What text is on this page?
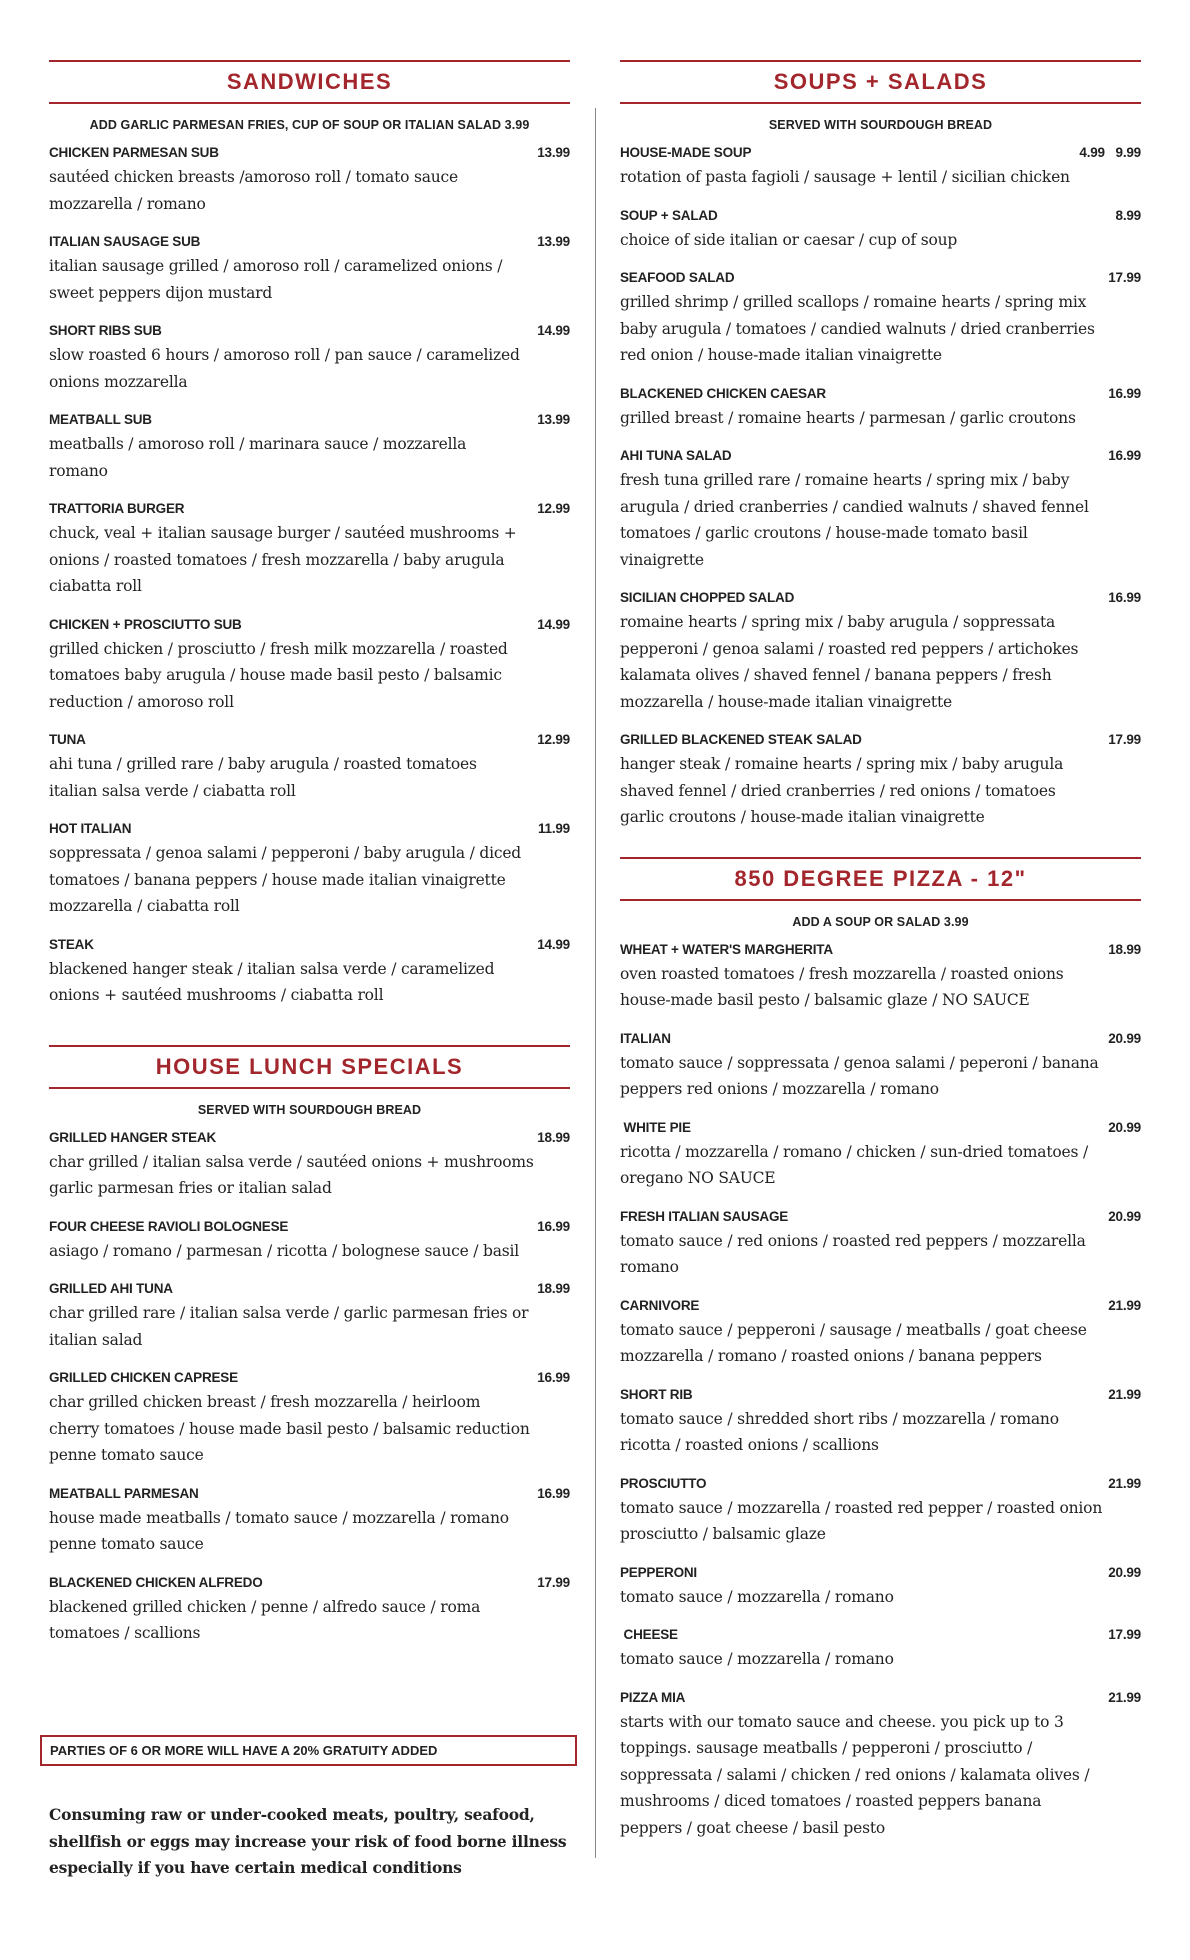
SANDWICHES
ADD GARLIC PARMESAN FRIES, CUP OF SOUP OR ITALIAN SALAD 3.99
CHICKEN PARMESAN SUB	13.99
sautéed chicken breasts /amoroso roll / tomato sauce
mozzarella / romano
ITALIAN SAUSAGE SUB	13.99
italian sausage grilled / amoroso roll / caramelized onions /
sweet peppers dijon mustard
SHORT RIBS SUB	14.99
slow roasted 6 hours / amoroso roll / pan sauce / caramelized
onions mozzarella
MEATBALL SUB	13.99
meatballs / amoroso roll / marinara sauce / mozzarella
romano
TRATTORIA BURGER	12.99
chuck, veal + italian sausage burger / sautéed mushrooms +
onions / roasted tomatoes / fresh mozzarella / baby arugula
ciabatta roll
CHICKEN + PROSCIUTTO SUB	14.99
grilled chicken / prosciutto / fresh milk mozzarella / roasted
tomatoes baby arugula / house made basil pesto / balsamic
reduction / amoroso roll
TUNA	12.99
ahi tuna / grilled rare / baby arugula / roasted tomatoes
italian salsa verde / ciabatta roll
HOT ITALIAN	11.99
soppressata / genoa salami / pepperoni / baby arugula / diced
tomatoes / banana peppers / house made italian vinaigrette
mozzarella / ciabatta roll
STEAK	14.99
blackened hanger steak / italian salsa verde / caramelized
onions + sautéed mushrooms / ciabatta roll
HOUSE LUNCH SPECIALS
SERVED WITH SOURDOUGH BREAD
GRILLED HANGER STEAK	18.99
char grilled / italian salsa verde / sautéed onions + mushrooms
garlic parmesan fries or italian salad
FOUR CHEESE RAVIOLI BOLOGNESE	16.99
asiago / romano / parmesan / ricotta / bolognese sauce / basil
GRILLED AHI TUNA	18.99
char grilled rare / italian salsa verde / garlic parmesan fries or
italian salad
GRILLED CHICKEN CAPRESE	16.99
char grilled chicken breast / fresh mozzarella / heirloom
cherry tomatoes / house made basil pesto / balsamic reduction
penne tomato sauce
MEATBALL PARMESAN	16.99
house made meatballs / tomato sauce / mozzarella / romano
penne tomato sauce
BLACKENED CHICKEN ALFREDO	17.99
blackened grilled chicken / penne / alfredo sauce / roma
tomatoes / scallions
SOUPS + SALADS
SERVED WITH SOURDOUGH BREAD
HOUSE-MADE SOUP	4.99   9.99
rotation of pasta fagioli / sausage + lentil / sicilian chicken
SOUP + SALAD	8.99
choice of side italian or caesar / cup of soup
SEAFOOD SALAD	17.99
grilled shrimp / grilled scallops / romaine hearts / spring mix
baby arugula / tomatoes / candied walnuts / dried cranberries
red onion / house-made italian vinaigrette
BLACKENED CHICKEN CAESAR	16.99
grilled breast / romaine hearts / parmesan / garlic croutons
AHI TUNA SALAD	16.99
fresh tuna grilled rare / romaine hearts / spring mix / baby
arugula / dried cranberries / candied walnuts / shaved fennel
tomatoes / garlic croutons / house-made tomato basil
vinaigrette
SICILIAN CHOPPED SALAD	16.99
romaine hearts / spring mix / baby arugula / soppressata
pepperoni / genoa salami / roasted red peppers / artichokes
kalamata olives / shaved fennel / banana peppers / fresh
mozzarella / house-made italian vinaigrette
GRILLED BLACKENED STEAK SALAD	17.99
hanger steak / romaine hearts / spring mix / baby arugula
shaved fennel / dried cranberries / red onions / tomatoes
garlic croutons / house-made italian vinaigrette
850 DEGREE PIZZA - 12"
ADD A SOUP OR SALAD 3.99
WHEAT + WATER'S MARGHERITA	18.99
oven roasted tomatoes / fresh mozzarella / roasted onions
house-made basil pesto / balsamic glaze / NO SAUCE
ITALIAN	20.99
tomato sauce / soppressata / genoa salami / peperoni / banana
peppers red onions / mozzarella / romano
WHITE PIE	20.99
ricotta / mozzarella / romano / chicken / sun-dried tomatoes /
oregano NO SAUCE
FRESH ITALIAN SAUSAGE	20.99
tomato sauce / red onions / roasted red peppers / mozzarella
romano
CARNIVORE	21.99
tomato sauce / pepperoni / sausage / meatballs / goat cheese
mozzarella / romano / roasted onions / banana peppers
SHORT RIB	21.99
tomato sauce / shredded short ribs / mozzarella / romano
ricotta / roasted onions / scallions
PROSCIUTTO	21.99
tomato sauce / mozzarella / roasted red pepper / roasted onion
prosciutto / balsamic glaze
PEPPERONI	20.99
tomato sauce / mozzarella / romano
CHEESE	17.99
tomato sauce / mozzarella / romano
PIZZA MIA	21.99
starts with our tomato sauce and cheese. you pick up to 3
toppings. sausage meatballs / pepperoni / prosciutto /
soppressata / salami / chicken / red onions / kalamata olives /
mushrooms / diced tomatoes / roasted peppers banana
peppers / goat cheese / basil pesto
PARTIES OF 6 OR MORE WILL HAVE A 20% GRATUITY ADDED
Consuming raw or under-cooked meats, poultry, seafood,
shellfish or eggs may increase your risk of food borne illness
especially if you have certain medical conditions
